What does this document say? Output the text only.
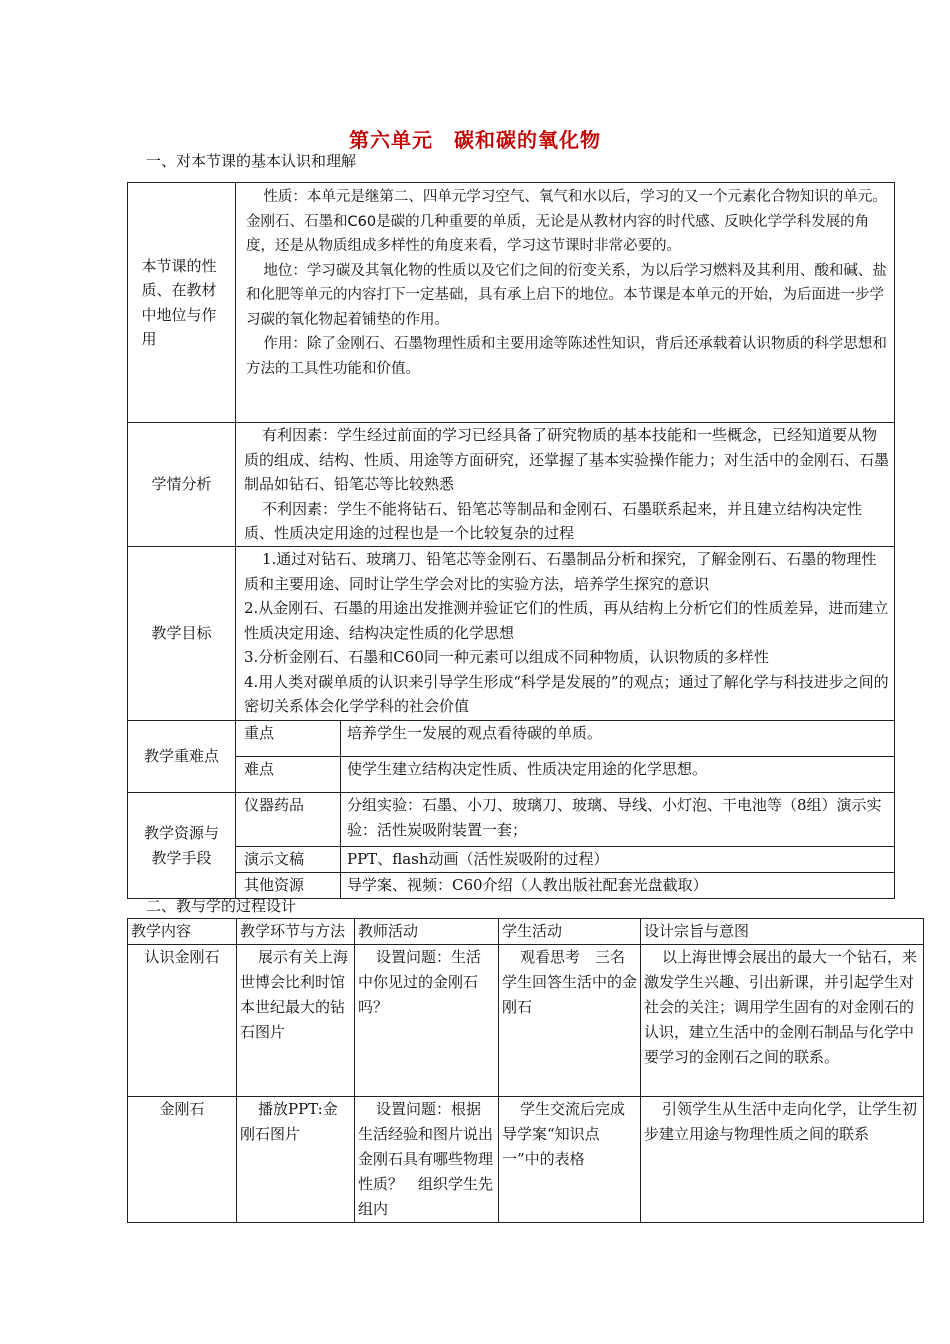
第六单元　碳和碳的氧化物
一、对本节课的基本认识和理解
本节课的性质、在教材中地位与作用	性质：本单元是继第二、四单元学习空气、氧气和水以后，学习的又一个元素化合物知识的单元。金刚石、石墨和C60是碳的几种重要的单质，无论是从教材内容的时代感、反映化学学科发展的角度，还是从物质组成多样性的角度来看，学习这节课时非常必要的。
地位：学习碳及其氧化物的性质以及它们之间的衍变关系，为以后学习燃料及其利用、酸和碱、盐和化肥等单元的内容打下一定基础，具有承上启下的地位。本节课是本单元的开始，为后面进一步学习碳的氧化物起着铺垫的作用。
作用：除了金刚石、石墨物理性质和主要用途等陈述性知识，背后还承载着认识物质的科学思想和方法的工具性功能和价值。	

学情分析	有利因素：学生经过前面的学习已经具备了研究物质的基本技能和一些概念，已经知道要从物质的组成、结构、性质、用途等方面研究，还掌握了基本实验操作能力；对生活中的金刚石、石墨制品如钻石、铅笔芯等比较熟悉
不利因素：学生不能将钻石、铅笔芯等制品和金刚石、石墨联系起来，并且建立结构决定性质、性质决定用途的过程也是一个比较复杂的过程	

教学目标	1.通过对钻石、玻璃刀、铅笔芯等金刚石、石墨制品分析和探究，了解金刚石、石墨的物理性质和主要用途、同时让学生学会对比的实验方法，培养学生探究的意识
2.从金刚石、石墨的用途出发推测并验证它们的性质，再从结构上分析它们的性质差异，进而建立性质决定用途、结构决定性质的化学思想
3.分析金刚石、石墨和C60同一种元素可以组成不同种物质，认识物质的多样性
4.用人类对碳单质的认识来引导学生形成“科学是发展的”的观点；通过了解化学与科技进步之间的密切关系体会化学学科的社会价值	

教学重难点	重点	培养学生一发展的观点看待碳的单质。
	难点	使学生建立结构决定性质、性质决定用途的化学思想。
教学资源与教学手段	仪器药品	分组实验：石墨、小刀、玻璃刀、玻璃、导线、小灯泡、干电池等（8组）演示实验：活性炭吸附装置一套；
	演示文稿	PPT、flash动画（活性炭吸附的过程）
	其他资源	导学案、视频：C60介绍（人教出版社配套光盘截取）
二、教与学的过程设计
教学内容	教学环节与方法	教师活动	学生活动	设计宗旨与意图
认识金刚石	展示有关上海世博会比利时馆本世纪最大的钻石图片	设置问题：生活中你见过的金刚石吗？	观看思考　三名学生回答生活中的金刚石	以上海世博会展出的最大一个钻石，来激发学生兴趣、引出新课，并引起学生对社会的关注；调用学生固有的对金刚石的认识，建立生活中的金刚石制品与化学中要学习的金刚石之间的联系。

金刚石	播放PPT:金刚石图片	设置问题：根据生活经验和图片说出金刚石具有哪些物理性质？　组织学生先组内	学生交流后完成导学案“知识点一”中的表格	引领学生从生活中走向化学，让学生初步建立用途与物理性质之间的联系
